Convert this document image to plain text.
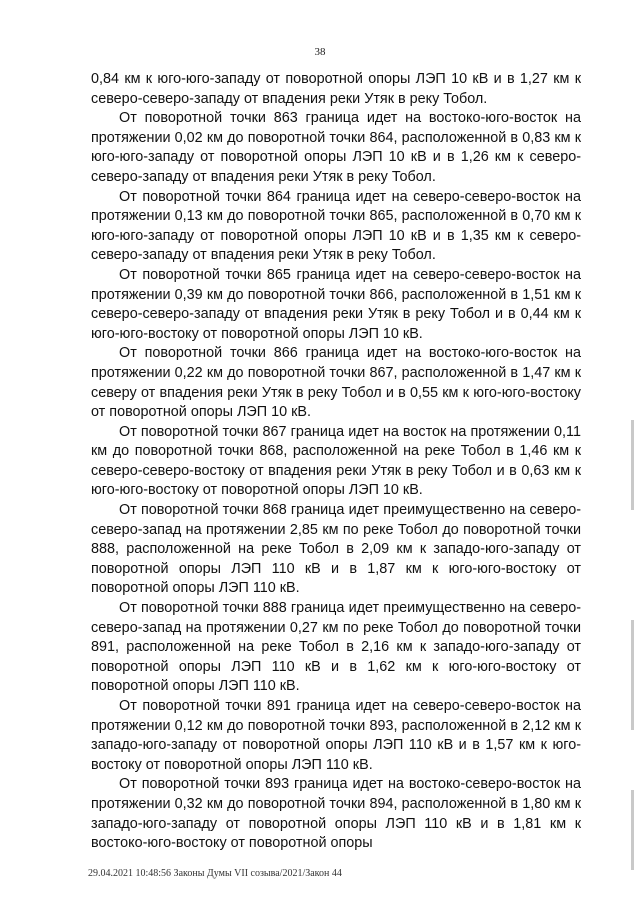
38

0,84 км к юго-юго-западу от поворотной опоры ЛЭП 10 кВ и в 1,27 км к северо-северо-западу от впадения реки Утяк в реку Тобол.

От поворотной точки 863 граница идет на востоко-юго-восток на протяжении 0,02 км до поворотной точки 864, расположенной в 0,83 км к юго-юго-западу от поворотной опоры ЛЭП 10 кВ и в 1,26 км к северо-северо-западу от впадения реки Утяк в реку Тобол.

От поворотной точки 864 граница идет на северо-северо-восток на протяжении 0,13 км до поворотной точки 865, расположенной в 0,70 км к юго-юго-западу от поворотной опоры ЛЭП 10 кВ и в 1,35 км к северо-северо-западу от впадения реки Утяк в реку Тобол.

От поворотной точки 865 граница идет на северо-северо-восток на протяжении 0,39 км до поворотной точки 866, расположенной в 1,51 км к северо-северо-западу от впадения реки Утяк в реку Тобол и в 0,44 км к юго-юго-востоку от поворотной опоры ЛЭП 10 кВ.

От поворотной точки 866 граница идет на востоко-юго-восток на протяжении 0,22 км до поворотной точки 867, расположенной в 1,47 км к северу от впадения реки Утяк в реку Тобол и в 0,55 км к юго-юго-востоку от поворотной опоры ЛЭП 10 кВ.

От поворотной точки 867 граница идет на восток на протяжении 0,11 км до поворотной точки 868, расположенной на реке Тобол в 1,46 км к северо-северо-востоку от впадения реки Утяк в реку Тобол и в 0,63 км к юго-юго-востоку от поворотной опоры ЛЭП 10 кВ.

От поворотной точки 868 граница идет преимущественно на северо-северо-запад на протяжении 2,85 км по реке Тобол до поворотной точки 888, расположенной на реке Тобол в 2,09 км к западо-юго-западу от поворотной опоры ЛЭП 110 кВ и в 1,87 км к юго-юго-востоку от поворотной опоры ЛЭП 110 кВ.

От поворотной точки 888 граница идет преимущественно на северо-северо-запад на протяжении 0,27 км по реке Тобол до поворотной точки 891, расположенной на реке Тобол в 2,16 км к западо-юго-западу от поворотной опоры ЛЭП 110 кВ и в 1,62 км к юго-юго-востоку от поворотной опоры ЛЭП 110 кВ.

От поворотной точки 891 граница идет на северо-северо-восток на протяжении 0,12 км до поворотной точки 893, расположенной в 2,12 км к западо-юго-западу от поворотной опоры ЛЭП 110 кВ и в 1,57 км к юго-востоку от поворотной опоры ЛЭП 110 кВ.

От поворотной точки 893 граница идет на востоко-северо-восток на протяжении 0,32 км до поворотной точки 894, расположенной в 1,80 км к западо-юго-западу от поворотной опоры ЛЭП 110 кВ и в 1,81 км к востоко-юго-востоку от поворотной опоры

29.04.2021 10:48:56 Законы Думы VII созыва/2021/Закон 44
